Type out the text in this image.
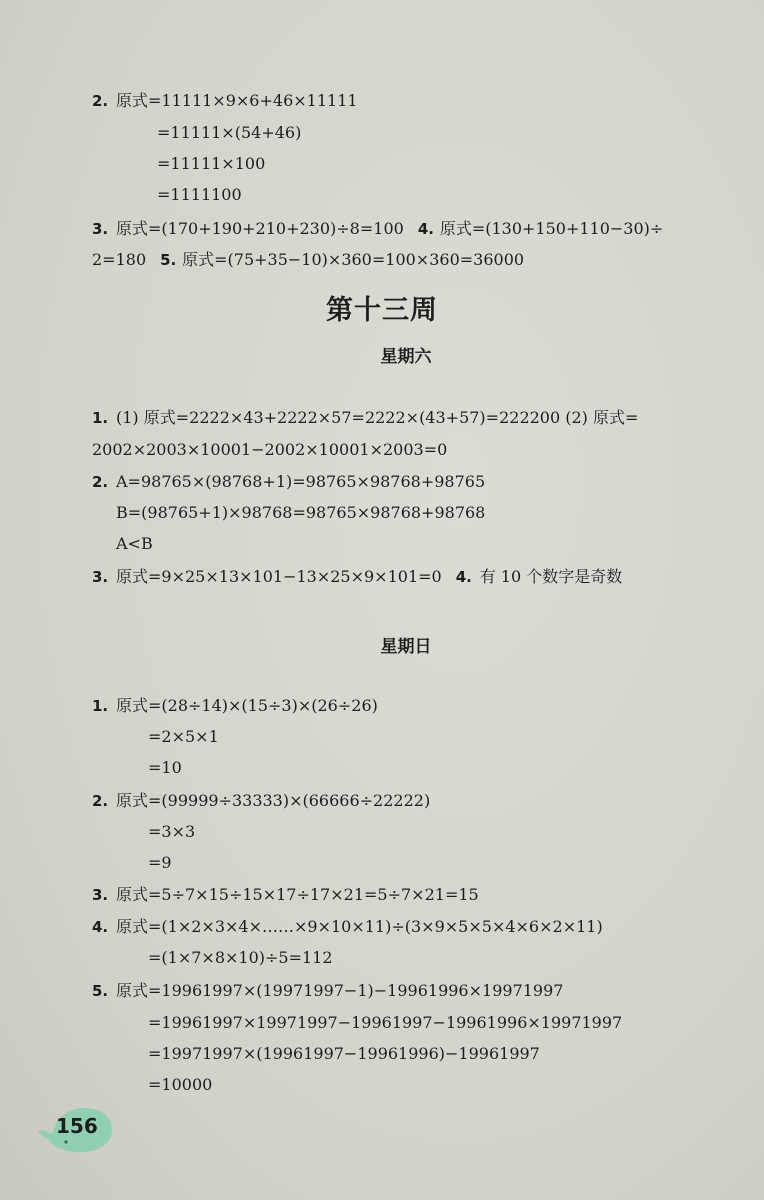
2. 原式=11111×9×6+46×11111
=11111×(54+46)
=11111×100
=1111100
3. 原式=(170+190+210+230)÷8=100 4. 原式=(130+150+110−30)÷
2=180 5. 原式=(75+35−10)×360=100×360=36000
第十三周
星期六
1. (1) 原式=2222×43+2222×57=2222×(43+57)=222200 (2) 原式=
2002×2003×10001−2002×10001×2003=0
2. A=98765×(98768+1)=98765×98768+98765
B=(98765+1)×98768=98765×98768+98768
A<B
3. 原式=9×25×13×101−13×25×9×101=0 4. 有 10 个数字是奇数
星期日
1. 原式=(28÷14)×(15÷3)×(26÷26)
=2×5×1
=10
2. 原式=(99999÷33333)×(66666÷22222)
=3×3
=9
3. 原式=5÷7×15÷15×17÷17×21=5÷7×21=15
4. 原式=(1×2×3×4×……×9×10×11)÷(3×9×5×5×4×6×2×11)
=(1×7×8×10)÷5=112
5. 原式=19961997×(19971997−1)−19961996×19971997
=19961997×19971997−19961997−19961996×19971997
=19971997×(19961997−19961996)−19961997
=10000
156
